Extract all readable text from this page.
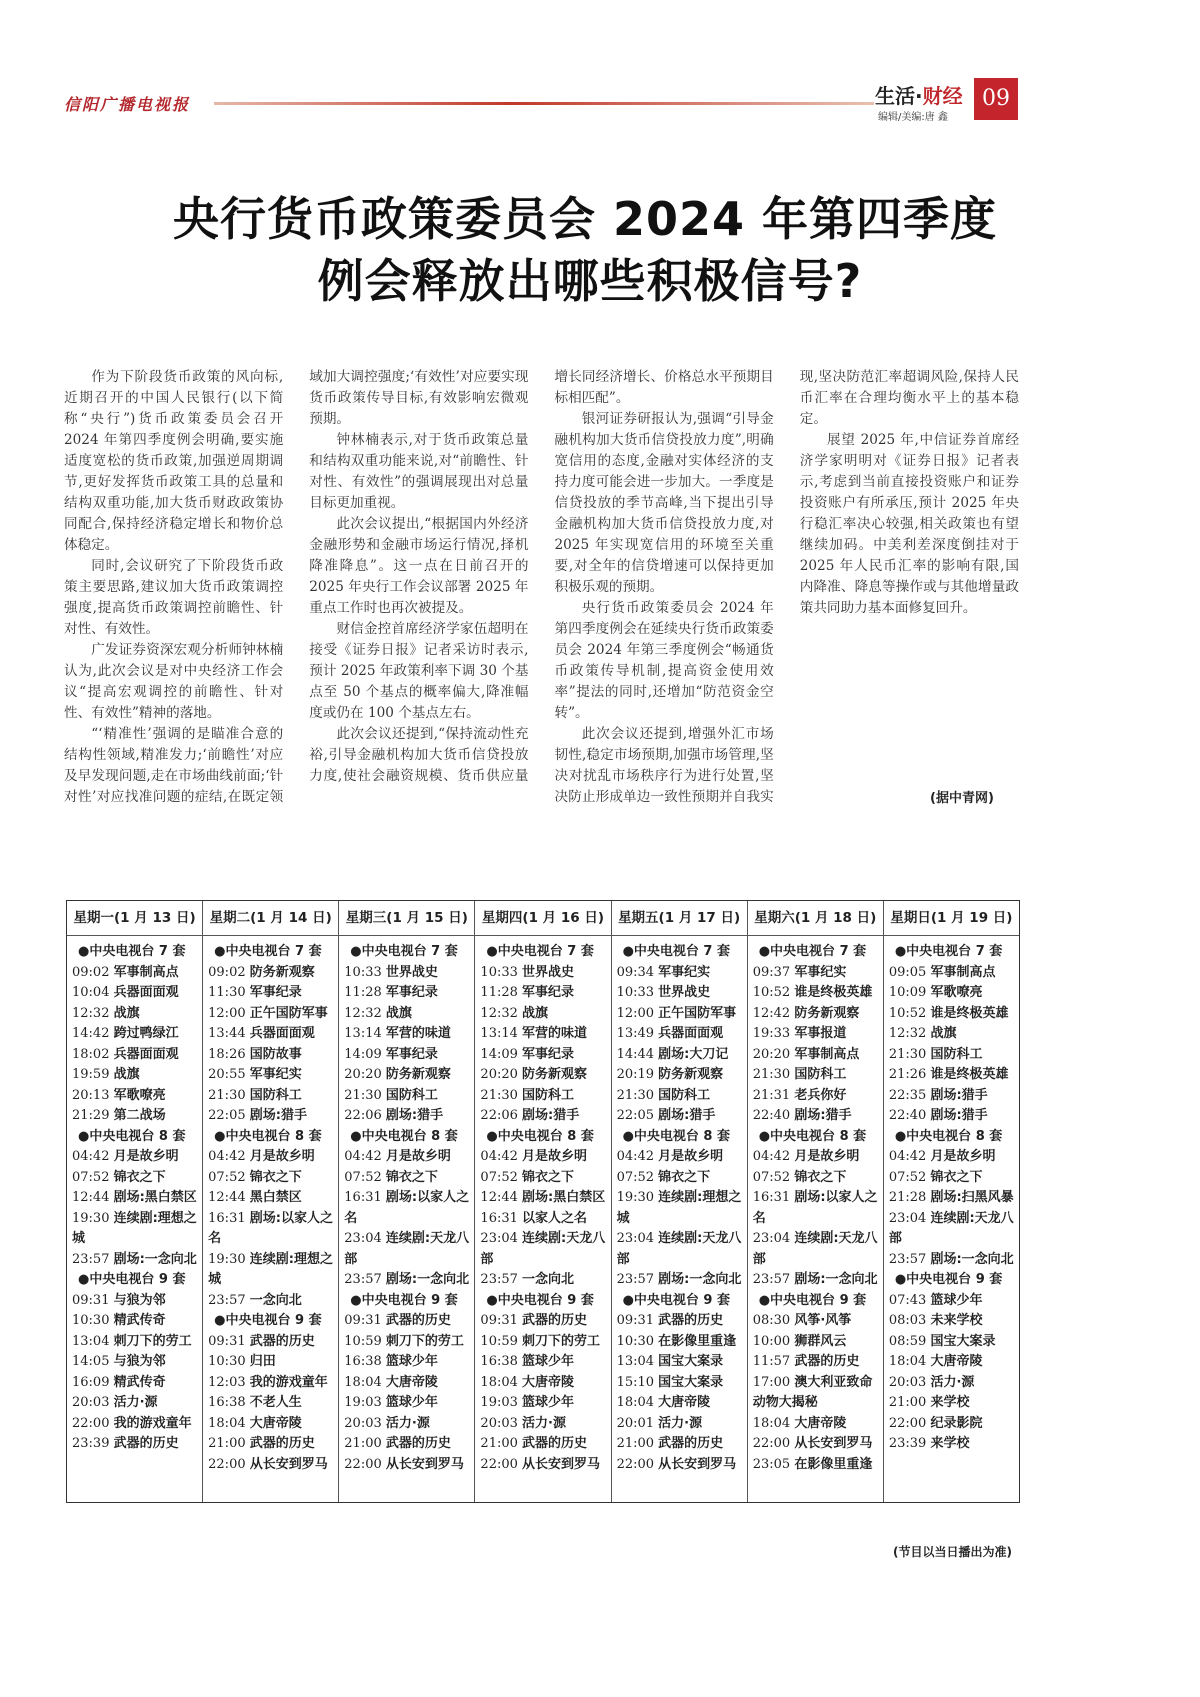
信阳广播电视报	生活·财经
编辑/美编:唐 鑫
09
央行货币政策委员会 2024 年第四季度
例会释放出哪些积极信号?

作为下阶段货币政策的风向标,近期召开的中国人民银行(以下简称“央行”)货币政策委员会召开 2024 年第四季度例会明确,要实施适度宽松的货币政策,加强逆周期调节,更好发挥货币政策工具的总量和结构双重功能,加大货币财政政策协同配合,保持经济稳定增长和物价总体稳定。

同时,会议研究了下阶段货币政策主要思路,建议加大货币政策调控强度,提高货币政策调控前瞻性、针对性、有效性。

广发证券资深宏观分析师钟林楠认为,此次会议是对中央经济工作会议“提高宏观调控的前瞻性、针对性、有效性”精神的落地。

“‘精准性’强调的是瞄准合意的结构性领域,精准发力;‘前瞻性’对应及早发现问题,走在市场曲线前面;‘针对性’对应找准问题的症结,在既定领域加大调控强度;‘有效性’对应要实现货币政策传导目标,有效影响宏微观预期。

钟林楠表示,对于货币政策总量和结构双重功能来说,对“前瞻性、针对性、有效性”的强调展现出对总量目标更加重视。

此次会议提出,“根据国内外经济金融形势和金融市场运行情况,择机降准降息”。这一点在日前召开的 2025 年央行工作会议部署 2025 年重点工作时也再次被提及。

财信金控首席经济学家伍超明在接受《证券日报》记者采访时表示,预计 2025 年政策利率下调 30 个基点至 50 个基点的概率偏大,降准幅度或仍在 100 个基点左右。

此次会议还提到,“保持流动性充裕,引导金融机构加大货币信贷投放力度,使社会融资规模、货币供应量增长同经济增长、价格总水平预期目标相匹配”。

银河证券研报认为,强调“引导金融机构加大货币信贷投放力度”,明确宽信用的态度,金融对实体经济的支持力度可能会进一步加大。一季度是信贷投放的季节高峰,当下提出引导金融机构加大货币信贷投放力度,对 2025 年实现宽信用的环境至关重要,对全年的信贷增速可以保持更加积极乐观的预期。

央行货币政策委员会 2024 年第四季度例会在延续央行货币政策委员会 2024 年第三季度例会“畅通货币政策传导机制,提高资金使用效率”提法的同时,还增加“防范资金空转”。

此次会议还提到,增强外汇市场韧性,稳定市场预期,加强市场管理,坚决对扰乱市场秩序行为进行处置,坚决防止形成单边一致性预期并自我实现,坚决防范汇率超调风险,保持人民币汇率在合理均衡水平上的基本稳定。

展望 2025 年,中信证券首席经济学家明明对《证券日报》记者表示,考虑到当前直接投资账户和证券投资账户有所承压,预计 2025 年央行稳汇率决心较强,相关政策也有望继续加码。中美利差深度倒挂对于 2025 年人民币汇率的影响有限,国内降准、降息等操作或与其他增量政策共同助力基本面修复回升。

(据中青网)
星期一(1 月 13 日)
●中央电视台 7 套
09:02 军事制高点
10:04 兵器面面观
12:32 战旗
14:42 跨过鸭绿江
18:02 兵器面面观
19:59 战旗
20:13 军歌嘹亮
21:29 第二战场
●中央电视台 8 套
04:42 月是故乡明
07:52 锦衣之下
12:44 剧场:黑白禁区
19:30 连续剧:理想之城
23:57 剧场:一念向北
●中央电视台 9 套
09:31 与狼为邻
10:30 精武传奇
13:04 刺刀下的劳工
14:05 与狼为邻
16:09 精武传奇
20:03 活力·源
22:00 我的游戏童年
23:39 武器的历史
星期二(1 月 14 日)
●中央电视台 7 套
09:02 防务新观察
11:30 军事纪录
12:00 正午国防军事
13:44 兵器面面观
18:26 国防故事
20:55 军事纪实
21:30 国防科工
22:05 剧场:猎手
●中央电视台 8 套
04:42 月是故乡明
07:52 锦衣之下
12:44 黑白禁区
16:31 剧场:以家人之名
19:30 连续剧:理想之城
23:57 一念向北
●中央电视台 9 套
09:31 武器的历史
10:30 归田
12:03 我的游戏童年
16:38 不老人生
18:04 大唐帝陵
21:00 武器的历史
22:00 从长安到罗马
星期三(1 月 15 日)
●中央电视台 7 套
10:33 世界战史
11:28 军事纪录
12:32 战旗
13:14 军营的味道
14:09 军事纪录
20:20 防务新观察
21:30 国防科工
22:06 剧场:猎手
●中央电视台 8 套
04:42 月是故乡明
07:52 锦衣之下
16:31 剧场:以家人之名
23:04 连续剧:天龙八部
23:57 剧场:一念向北
●中央电视台 9 套
09:31 武器的历史
10:59 刺刀下的劳工
16:38 篮球少年
18:04 大唐帝陵
19:03 篮球少年
20:03 活力·源
21:00 武器的历史
22:00 从长安到罗马
星期四(1 月 16 日)
●中央电视台 7 套
10:33 世界战史
11:28 军事纪录
12:32 战旗
13:14 军营的味道
14:09 军事纪录
20:20 防务新观察
21:30 国防科工
22:06 剧场:猎手
●中央电视台 8 套
04:42 月是故乡明
07:52 锦衣之下
12:44 剧场:黑白禁区
16:31 以家人之名
23:04 连续剧:天龙八部
23:57 一念向北
●中央电视台 9 套
09:31 武器的历史
10:59 刺刀下的劳工
16:38 篮球少年
18:04 大唐帝陵
19:03 篮球少年
20:03 活力·源
21:00 武器的历史
22:00 从长安到罗马
星期五(1 月 17 日)
●中央电视台 7 套
09:34 军事纪实
10:33 世界战史
12:00 正午国防军事
13:49 兵器面面观
14:44 剧场:大刀记
20:19 防务新观察
21:30 国防科工
22:05 剧场:猎手
●中央电视台 8 套
04:42 月是故乡明
07:52 锦衣之下
19:30 连续剧:理想之城
23:04 连续剧:天龙八部
23:57 剧场:一念向北
●中央电视台 9 套
09:31 武器的历史
10:30 在影像里重逢
13:04 国宝大案录
15:10 国宝大案录
18:04 大唐帝陵
20:01 活力·源
21:00 武器的历史
22:00 从长安到罗马
星期六(1 月 18 日)
●中央电视台 7 套
09:37 军事纪实
10:52 谁是终极英雄
12:42 防务新观察
19:33 军事报道
20:20 军事制高点
21:30 国防科工
21:31 老兵你好
22:40 剧场:猎手
●中央电视台 8 套
04:42 月是故乡明
07:52 锦衣之下
16:31 剧场:以家人之名
23:04 连续剧:天龙八部
23:57 剧场:一念向北
●中央电视台 9 套
08:30 风筝·风筝
10:00 狮群风云
11:57 武器的历史
17:00 澳大利亚致命动物大揭秘
18:04 大唐帝陵
22:00 从长安到罗马
23:05 在影像里重逢
星期日(1 月 19 日)
●中央电视台 7 套
09:05 军事制高点
10:09 军歌嘹亮
10:52 谁是终极英雄
12:32 战旗
21:30 国防科工
21:26 谁是终极英雄
22:35 剧场:猎手
22:40 剧场:猎手
●中央电视台 8 套
04:42 月是故乡明
07:52 锦衣之下
21:28 剧场:扫黑风暴
23:04 连续剧:天龙八部
23:57 剧场:一念向北
●中央电视台 9 套
07:43 篮球少年
08:03 未来学校
08:59 国宝大案录
18:04 大唐帝陵
20:03 活力·源
21:00 来学校
22:00 纪录影院
23:39 来学校
(节目以当日播出为准)
